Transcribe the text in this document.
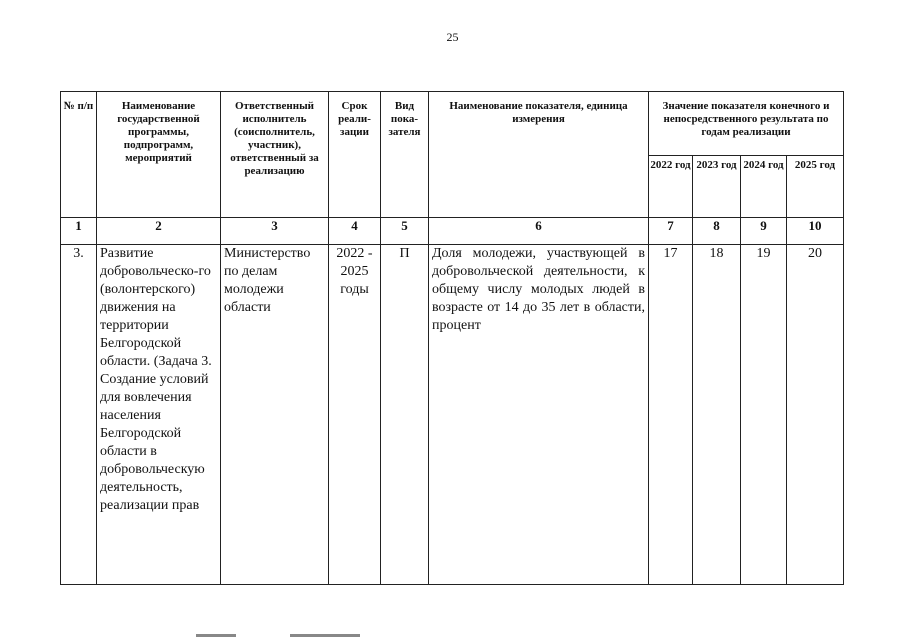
25
№ п/п	Наименование государственной программы, подпрограмм, мероприятий	Ответственный исполнитель (соисполнитель, участник), ответственный за реализацию	Срок реали-зации	Вид пока-зателя	Наименование показателя, единица измерения	Значение показателя конечного и непосредственного результата по годам реализации			
						2022 год	2023 год	2024 год	2025 год
1	2	3	4	5	6	7	8	9	10
3.	Развитие добровольческо-го (волонтерского) движения на территории Белгородской области. (Задача 3. Создание условий для вовлечения населения Белгородской области в добровольческую деятельность, реализации прав	Министерство по делам молодежи области	2022 - 2025 годы	П	Доля молодежи, участвующей в добровольческой деятельности, к общему числу молодых людей в возрасте от 14 до 35 лет в области, процент	17	18	19	20
